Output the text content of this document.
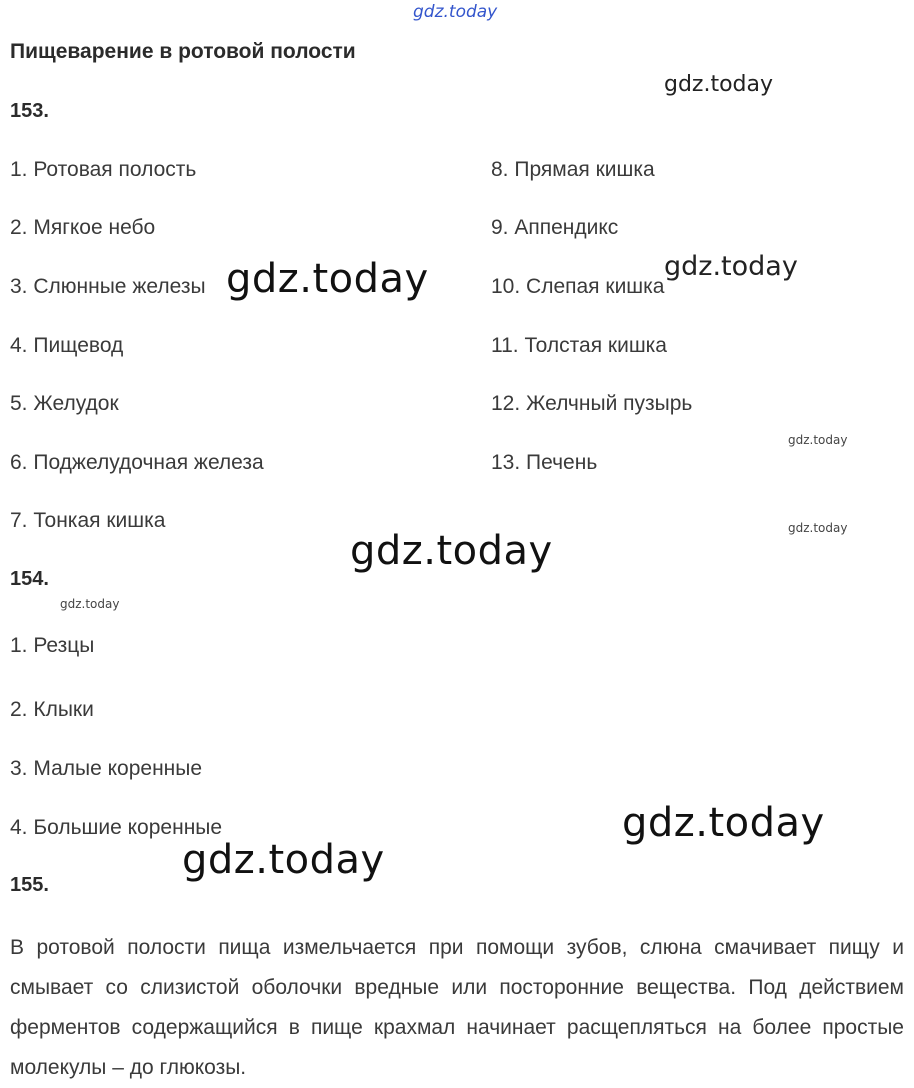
gdz.today
Пищеварение в ротовой полости
153.
1. Ротовая полость
2. Мягкое небо
3. Слюнные железы
4. Пищевод
5. Желудок
6. Поджелудочная железа
7. Тонкая кишка
8. Прямая кишка
9. Аппендикс
10. Слепая кишка
11. Толстая кишка
12. Желчный пузырь
13. Печень
154.
1. Резцы
2. Клыки
3. Малые коренные
4. Большие коренные
155.
В ротовой полости пища измельчается при помощи зубов, слюна смачивает пищу и смывает со слизистой оболочки вредные или посторонние вещества. Под действием ферментов содержащийся в пище крахмал начинает расщепляться на более простые молекулы – до глюкозы.
gdz.today
gdz.today	gdz.today
gdz.today
gdz.today
gdz.today
gdz.today
gdz.today
gdz.today
